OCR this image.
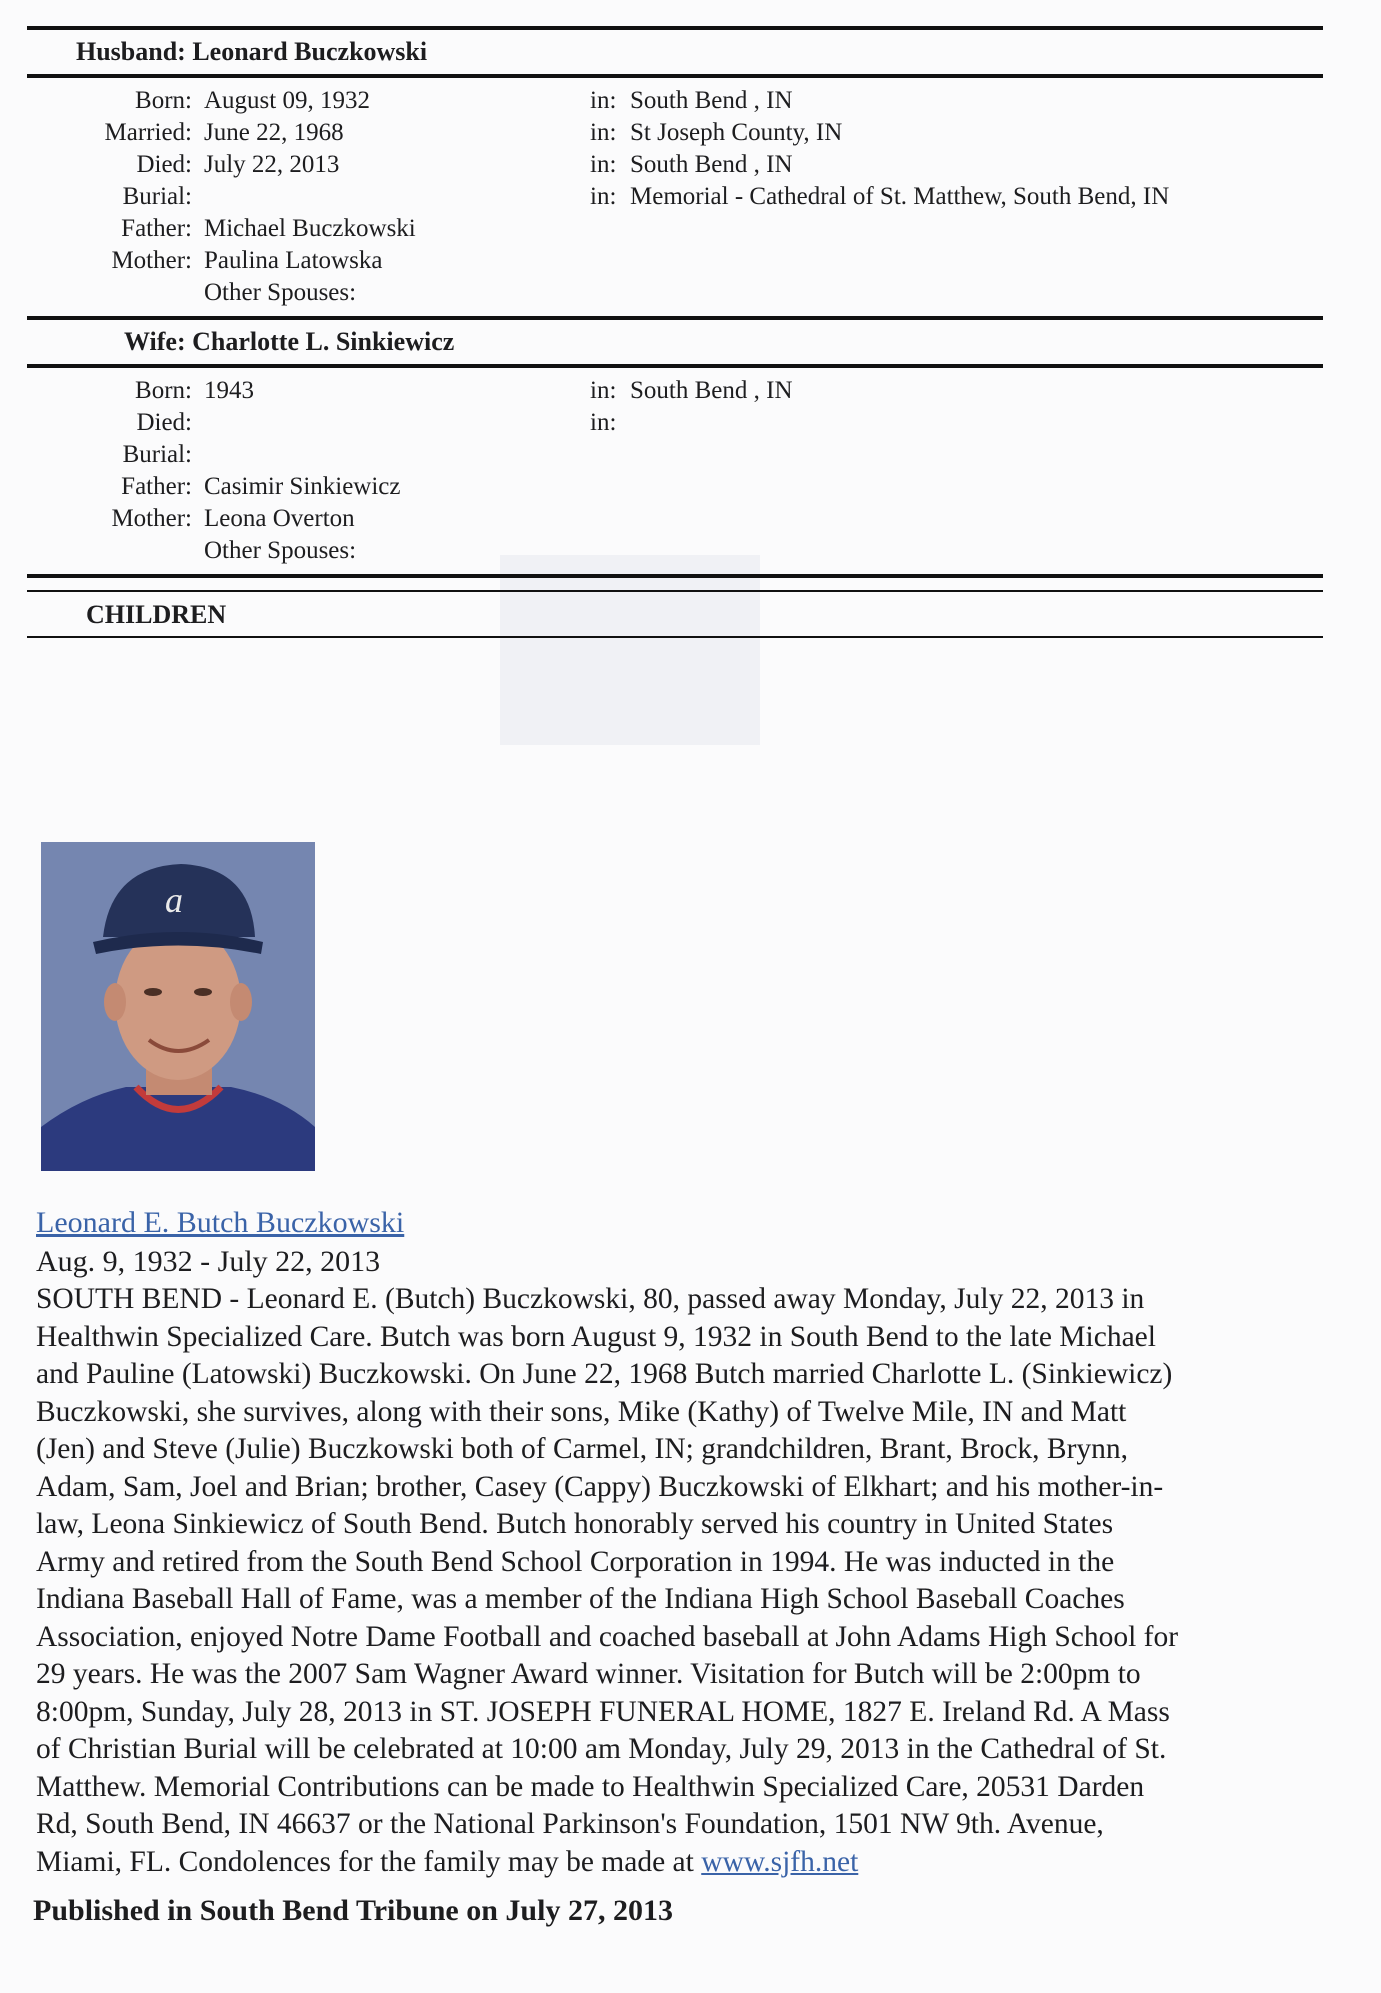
Husband: Leonard Buczkowski
Born: August 09, 1932	in: South Bend , IN
Married: June 22, 1968	in: St Joseph County, IN
Died: July 22, 2013	in: South Bend , IN
Burial:	in: Memorial - Cathedral of St. Matthew, South Bend, IN
Father: Michael Buczkowski
Mother: Paulina Latowska
Other Spouses:
Wife: Charlotte L. Sinkiewicz
Born: 1943	in: South Bend , IN
Died:	in:
Burial:
Father: Casimir Sinkiewicz
Mother: Leona Overton
Other Spouses:
CHILDREN
a
Leonard E. Butch Buczkowski
Aug. 9, 1932 - July 22, 2013
SOUTH BEND - Leonard E. (Butch) Buczkowski, 80, passed away Monday, July 22, 2013 in
Healthwin Specialized Care. Butch was born August 9, 1932 in South Bend to the late Michael
and Pauline (Latowski) Buczkowski. On June 22, 1968 Butch married Charlotte L. (Sinkiewicz)
Buczkowski, she survives, along with their sons, Mike (Kathy) of Twelve Mile, IN and Matt
(Jen) and Steve (Julie) Buczkowski both of Carmel, IN; grandchildren, Brant, Brock, Brynn,
Adam, Sam, Joel and Brian; brother, Casey (Cappy) Buczkowski of Elkhart; and his mother-in-
law, Leona Sinkiewicz of South Bend. Butch honorably served his country in United States
Army and retired from the South Bend School Corporation in 1994. He was inducted in the
Indiana Baseball Hall of Fame, was a member of the Indiana High School Baseball Coaches
Association, enjoyed Notre Dame Football and coached baseball at John Adams High School for
29 years. He was the 2007 Sam Wagner Award winner. Visitation for Butch will be 2:00pm to
8:00pm, Sunday, July 28, 2013 in ST. JOSEPH FUNERAL HOME, 1827 E. Ireland Rd. A Mass
of Christian Burial will be celebrated at 10:00 am Monday, July 29, 2013 in the Cathedral of St.
Matthew. Memorial Contributions can be made to Healthwin Specialized Care, 20531 Darden
Rd, South Bend, IN 46637 or the National Parkinson's Foundation, 1501 NW 9th. Avenue,
Miami, FL. Condolences for the family may be made at www.sjfh.net
Published in South Bend Tribune on July 27, 2013
